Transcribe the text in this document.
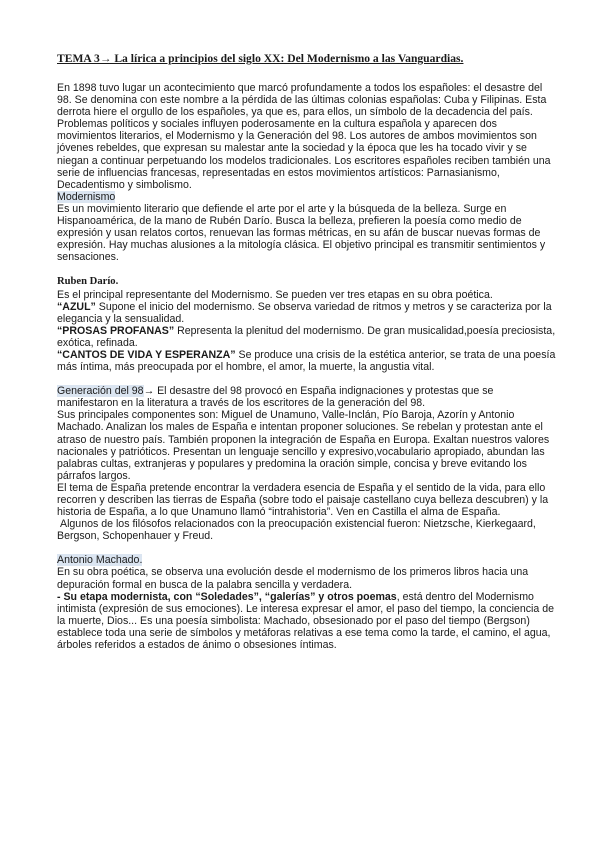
TEMA 3→ La lírica a principios del siglo XX: Del Modernismo a las Vanguardias.

En 1898 tuvo lugar un acontecimiento que marcó profundamente a todos los españoles: el desastre del 98. Se denomina con este nombre a la pérdida de las últimas colonias españolas: Cuba y Filipinas. Esta derrota hiere el orgullo de los españoles, ya que es, para ellos, un símbolo de la decadencia del país. Problemas políticos y sociales influyen poderosamente en la cultura española y aparecen dos movimientos literarios, el Modernismo y la Generación del 98. Los autores de ambos movimientos son jóvenes rebeldes, que expresan su malestar ante la sociedad y la época que les ha tocado vivir y se niegan a continuar perpetuando los modelos tradicionales. Los escritores españoles reciben también una serie de influencias francesas, representadas en estos movimientos artísticos: Parnasianismo, Decadentismo y simbolismo.

Modernismo
Es un movimiento literario que defiende el arte por el arte y la búsqueda de la belleza. Surge en Hispanoamérica, de la mano de Rubén Darío. Busca la belleza, prefieren la poesía como medio de expresión y usan relatos cortos, renuevan las formas métricas, en su afán de buscar nuevas formas de expresión. Hay muchas alusiones a la mitología clásica. El objetivo principal es transmitir sentimientos y sensaciones.

Ruben Darío.
Es el principal representante del Modernismo. Se pueden ver tres etapas en su obra poética.
“AZUL” Supone el inicio del modernismo. Se observa variedad de ritmos y metros y se caracteriza por la elegancia y la sensualidad.
“PROSAS PROFANAS” Representa la plenitud del modernismo. De gran musicalidad,poesía preciosista, exótica, refinada.
“CANTOS DE VIDA Y ESPERANZA” Se produce una crisis de la estética anterior, se trata de una poesía más íntima, más preocupada por el hombre, el amor, la muerte, la angustia vital.

Generación del 98→ El desastre del 98 provocó en España indignaciones y protestas que se manifestaron en la literatura a través de los escritores de la generación del 98.
Sus principales componentes son: Miguel de Unamuno, Valle-Inclán, Pío Baroja, Azorín y Antonio Machado. Analizan los males de España e intentan proponer soluciones. Se rebelan y protestan ante el atraso de nuestro país. También proponen la integración de España en Europa. Exaltan nuestros valores nacionales y patrióticos. Presentan un lenguaje sencillo y expresivo,vocabulario apropiado, abundan las palabras cultas, extranjeras y populares y predomina la oración simple, concisa y breve evitando los párrafos largos.
El tema de España pretende encontrar la verdadera esencia de España y el sentido de la vida, para ello recorren y describen las tierras de España (sobre todo el paisaje castellano cuya belleza descubren) y la historia de España, a lo que Unamuno llamó “intrahistoria”. Ven en Castilla el alma de España.
Algunos de los filósofos relacionados con la preocupación existencial fueron: Nietzsche, Kierkegaard, Bergson, Schopenhauer y Freud.

Antonio Machado.
En su obra poética, se observa una evolución desde el modernismo de los primeros libros hacia una depuración formal en busca de la palabra sencilla y verdadera.
- Su etapa modernista, con “Soledades”, “galerías” y otros poemas, está dentro del Modernismo intimista (expresión de sus emociones). Le interesa expresar el amor, el paso del tiempo, la conciencia de la muerte, Dios... Es una poesía simbolista: Machado, obsesionado por el paso del tiempo (Bergson) establece toda una serie de símbolos y metáforas relativas a ese tema como la tarde, el camino, el agua, árboles referidos a estados de ánimo o obsesiones íntimas.
